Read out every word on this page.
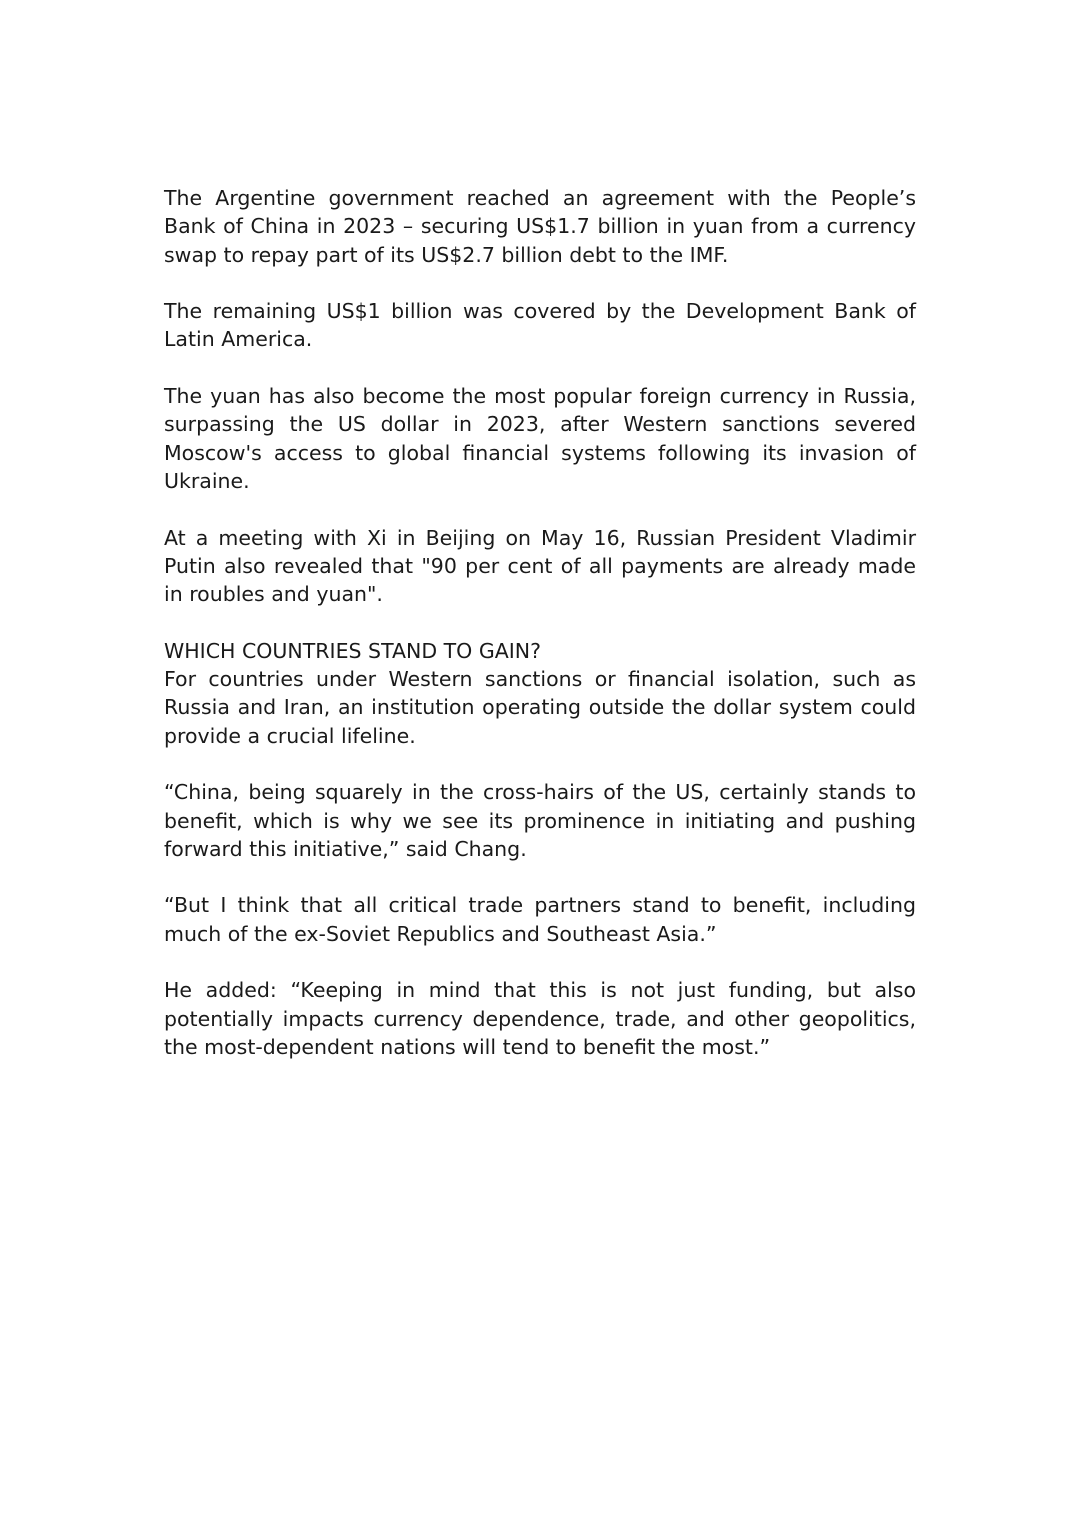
The Argentine government reached an agreement with the People’s Bank of China in 2023 – securing US$1.7 billion in yuan from a currency swap to repay part of its US$2.7 billion debt to the IMF.

The remaining US$1 billion was covered by the Development Bank of Latin America.

The yuan has also become the most popular foreign currency in Russia, surpassing the US dollar in 2023, after Western sanctions severed Moscow's access to global financial systems following its invasion of Ukraine.

At a meeting with Xi in Beijing on May 16, Russian President Vladimir Putin also revealed that "90 per cent of all payments are already made in roubles and yuan".

WHICH COUNTRIES STAND TO GAIN?

For countries under Western sanctions or financial isolation, such as Russia and Iran, an institution operating outside the dollar system could provide a crucial lifeline.

“China, being squarely in the cross-hairs of the US, certainly stands to benefit, which is why we see its prominence in initiating and pushing forward this initiative,” said Chang.

“But I think that all critical trade partners stand to benefit, including much of the ex-Soviet Republics and Southeast Asia.”

He added: “Keeping in mind that this is not just funding, but also potentially impacts currency dependence, trade, and other geopolitics, the most-dependent nations will tend to benefit the most.”
